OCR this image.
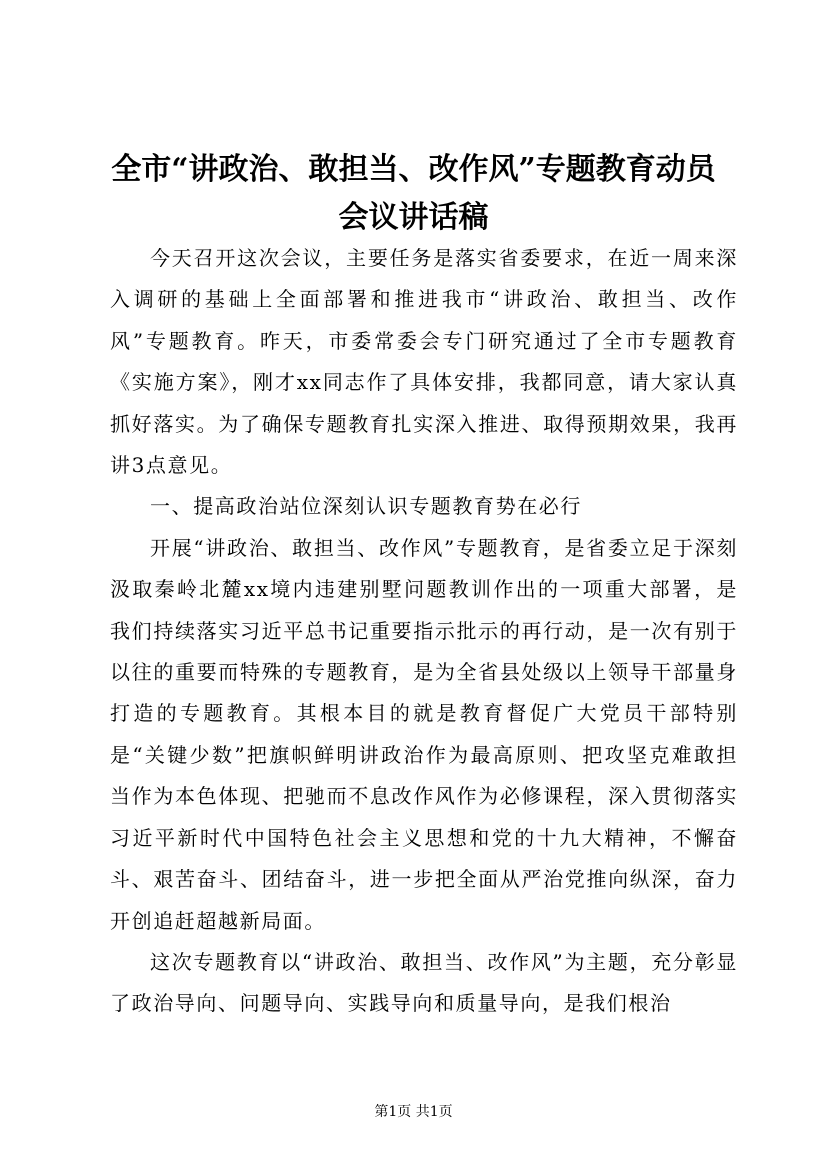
全市“讲政治、敢担当、改作风”专题教育动员会议讲话稿

今天召开这次会议，主要任务是落实省委要求，在近一周来深入调研的基础上全面部署和推进我市“讲政治、敢担当、改作风”专题教育。昨天，市委常委会专门研究通过了全市专题教育《实施方案》，刚才xx同志作了具体安排，我都同意，请大家认真抓好落实。为了确保专题教育扎实深入推进、取得预期效果，我再讲3点意见。

一、提高政治站位深刻认识专题教育势在必行

开展“讲政治、敢担当、改作风”专题教育，是省委立足于深刻汲取秦岭北麓xx境内违建别墅问题教训作出的一项重大部署，是我们持续落实习近平总书记重要指示批示的再行动，是一次有别于以往的重要而特殊的专题教育，是为全省县处级以上领导干部量身打造的专题教育。其根本目的就是教育督促广大党员干部特别是“关键少数”把旗帜鲜明讲政治作为最高原则、把攻坚克难敢担当作为本色体现、把驰而不息改作风作为必修课程，深入贯彻落实习近平新时代中国特色社会主义思想和党的十九大精神，不懈奋斗、艰苦奋斗、团结奋斗，进一步把全面从严治党推向纵深，奋力开创追赶超越新局面。

这次专题教育以“讲政治、敢担当、改作风”为主题，充分彰显了政治导向、问题导向、实践导向和质量导向，是我们根治

第1页 共1页
